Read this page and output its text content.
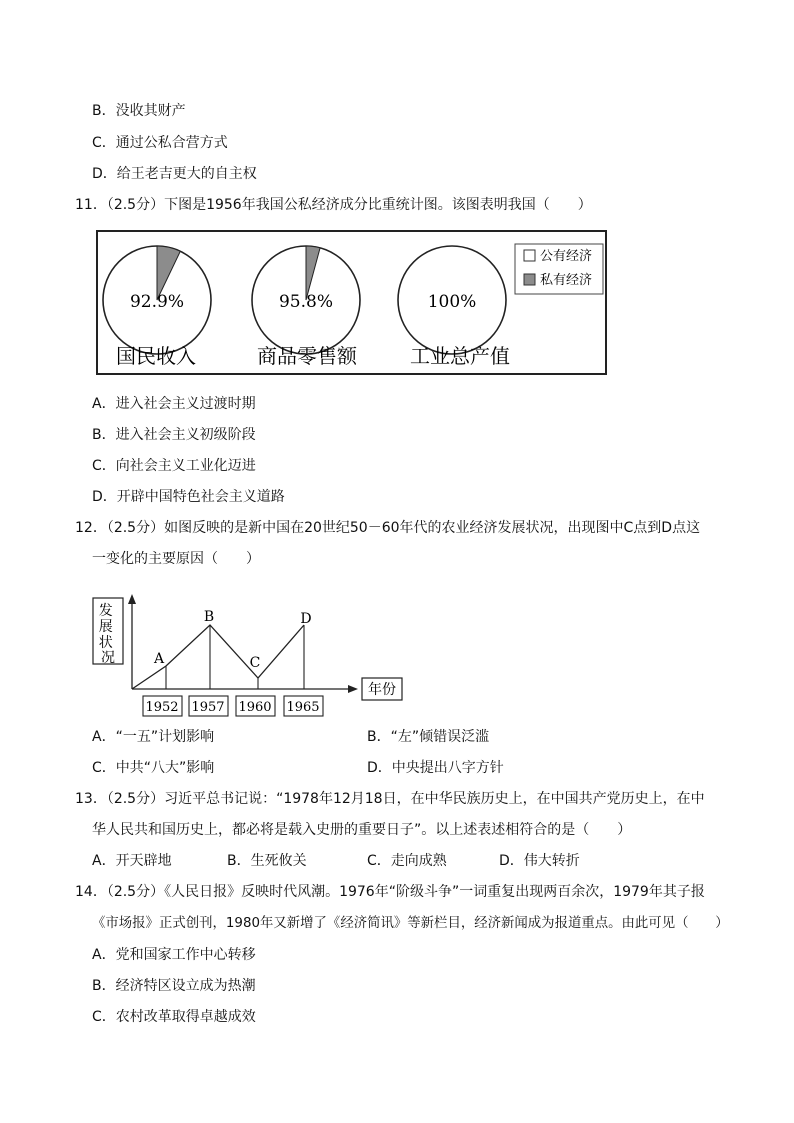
B．没收其财产
C．通过公私合营方式
D．给王老吉更大的自主权
11．（2.5分）下图是1956年我国公私经济成分比重统计图。该图表明我国（　　）
公有经济
私有经济
92.9%	95.8%	100%
国民收入	商品零售额	工业总产值
A．进入社会主义过渡时期
B．进入社会主义初级阶段
C．向社会主义工业化迈进
D．开辟中国特色社会主义道路
12．（2.5分）如图反映的是新中国在20世纪50－60年代的农业经济发展状况，出现图中C点到D点这
一变化的主要原因（　　）
发 展 状 况
年份
A
B
C
D
1952 1957 1960 1965
A．“一五”计划影响	B．“左”倾错误泛滥
C．中共“八大”影响	D．中央提出八字方针
13．（2.5分）习近平总书记说：“1978年12月18日，在中华民族历史上，在中国共产党历史上，在中
华人民共和国历史上，都必将是载入史册的重要日子”。以上述表述相符合的是（　　）
A．开天辟地	B．生死攸关	C．走向成熟	D．伟大转折
14．（2.5分）《人民日报》反映时代风潮。1976年“阶级斗争”一词重复出现两百余次，1979年其子报
《市场报》正式创刊，1980年又新增了《经济简讯》等新栏目，经济新闻成为报道重点。由此可见（　　）
A．党和国家工作中心转移
B．经济特区设立成为热潮
C．农村改革取得卓越成效
